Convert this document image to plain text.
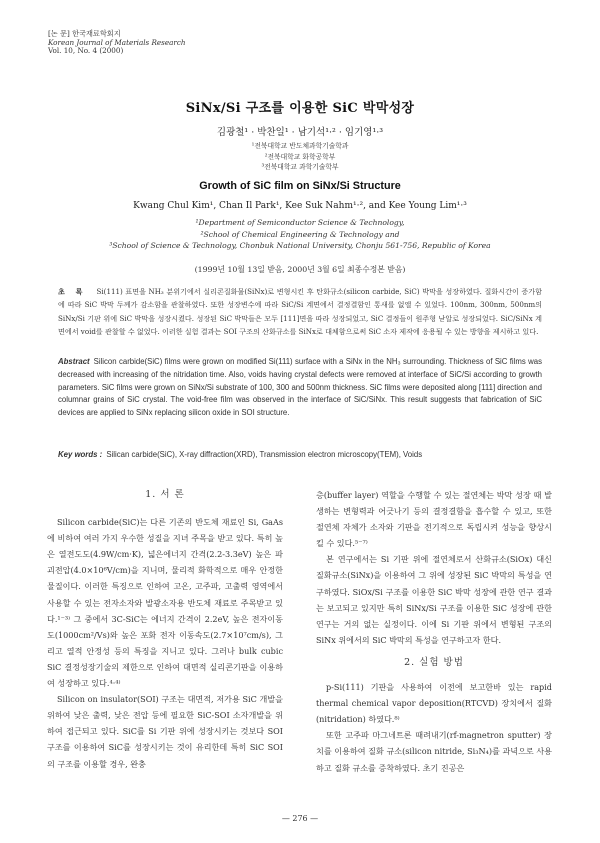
[논 문] 한국재료학회지
Korean Journal of Materials Research
Vol. 10, No. 4 (2000)
SiNx/Si 구조를 이용한 SiC 박막성장
김광철¹ · 박찬일¹ · 남기석¹·² · 임기영¹·³
¹전북대학교 반도체과학기술학과
²전북대학교 화학공학부
³전북대학교 과학기술학부
Growth of SiC film on SiNx/Si Structure
Kwang Chul Kim¹, Chan Il Park¹, Kee Suk Nahm¹·², and Kee Young Lim¹·³
¹Department of Semiconductor Science & Technology,
²School of Chemical Engineering & Technology and
³School of Science & Technology, Chonbuk National University, Chonju 561-756, Republic of Korea
(1999년 10월 13일 받음, 2000년 3월 6일 최종수정본 받음)
초 록 Si(111) 표면을 NH₃ 분위기에서 실리콘질화물(SiNx)로 변형시킨 후 탄화규소(silicon carbide, SiC) 박막을 성장하였다. 질화시간이 증가함에 따라 SiC 박막 두께가 감소함을 관찰하였다. 또한 성장변수에 따라 SiC/Si 계면에서 결정결함인 통새를 없앨 수 있었다. 100nm, 300nm, 500nm의 SiNx/Si 기판 위에 SiC 박막을 성장시켰다. 성장된 SiC 박막들은 모두 [111]면을 따라 성장되었고, SiC 결정들이 원주형 낟알로 성장되었다. SiC/SiNx 계면에서 void를 관찰할 수 없었다. 이러한 실험 결과는 SOI 구조의 산화규소를 SiNx로 대체함으로써 SiC 소자 제작에 응용될 수 있는 방향을 제시하고 있다.
Abstract Silicon carbide(SiC) films were grown on modified Si(111) surface with a SiNx in the NH₃ surrounding. Thickness of SiC films was decreased with increasing of the nitridation time. Also, voids having crystal defects were removed at interface of SiC/Si according to growth parameters. SiC films were grown on SiNx/Si substrate of 100, 300 and 500nm thickness. SiC films were deposited along [111] direction and columnar grains of SiC crystal. The void-free film was observed in the interface of SiC/SiNx. This result suggests that fabrication of SiC devices are applied to SiNx replacing silicon oxide in SOI structure.
Key words : Silican carbide(SiC), X-ray diffraction(XRD), Transmission electron microscopy(TEM), Voids

1. 서 론

Silicon carbide(SiC)는 다른 기존의 반도체 재료인 Si, GaAs에 비하여 여러 가지 우수한 성질을 지녀 주목을 받고 있다. 특히 높은 열전도도(4.9W/cm·K), 넓은에너지 간격(2.2-3.3eV) 높은 파괴전압(4.0×10⁶V/cm)을 지니며, 물리적 화학적으로 매우 안정한 물질이다. 이러한 특징으로 인하여 고온, 고주파, 고출력 영역에서 사용할 수 있는 전자소자와 발광소자용 반도체 재료로 주목받고 있다.¹⁻³⁾ 그 중에서 3C-SiC는 에너지 간격이 2.2eV, 높은 전자이동도(1000cm²/Vs)와 높은 포화 전자 이동속도(2.7×10⁷cm/s), 그리고 열적 안정성 등의 특징을 지니고 있다. 그러나 bulk cubic SiC 결정성장기술의 제한으로 인하여 대면적 실리콘기판을 이용하여 성장하고 있다.⁴·⁴⁾

Silicon on insulator(SOI) 구조는 대면적, 저가용 SiC 개발을 위하여 낮은 출력, 낮은 전압 등에 필요한 SiC-SOI 소자개발을 위하여 접근되고 있다. SiC를 Si 기판 위에 성장시키는 것보다 SOI 구조를 이용하여 SiC를 성장시키는 것이 유리한데 특히 SiC SOI의 구조를 이용할 경우, 완충

층(buffer layer) 역할을 수행할 수 있는 절연체는 박막 성장 때 발생하는 변형력과 어긋나기 등의 결정결함을 흡수할 수 있고, 또한 절연체 자체가 소자와 기판을 전기적으로 독립시켜 성능을 향상시킬 수 있다.⁵⁻⁷⁾

본 연구에서는 Si 기판 위에 절연체로서 산화규소(SiOx) 대신 질화규소(SiNx)을 이용하여 그 위에 성장된 SiC 박막의 특성을 연구하였다. SiOx/Si 구조를 이용한 SiC 박막 성장에 관한 연구 결과는 보고되고 있지만 특히 SiNx/Si 구조를 이용한 SiC 성장에 관한 연구는 거의 없는 실정이다. 이에 Si 기판 위에서 변형된 구조의 SiNx 위에서의 SiC 박막의 특성을 연구하고자 한다.

2. 실험 방법

p-Si(111) 기판을 사용하여 이전에 보고한바 있는 rapid thermal chemical vapor deposition(RTCVD) 장치에서 질화(nitridation) 하였다.⁸⁾

또한 고주파 마그네트론 때려내기(rf-magnetron sputter) 장치를 이용하여 질화 규소(silicon nitride, Si₃N₄)를 과녁으로 사용하고 질화 규소를 증착하였다. 초기 진공은

— 276 —
